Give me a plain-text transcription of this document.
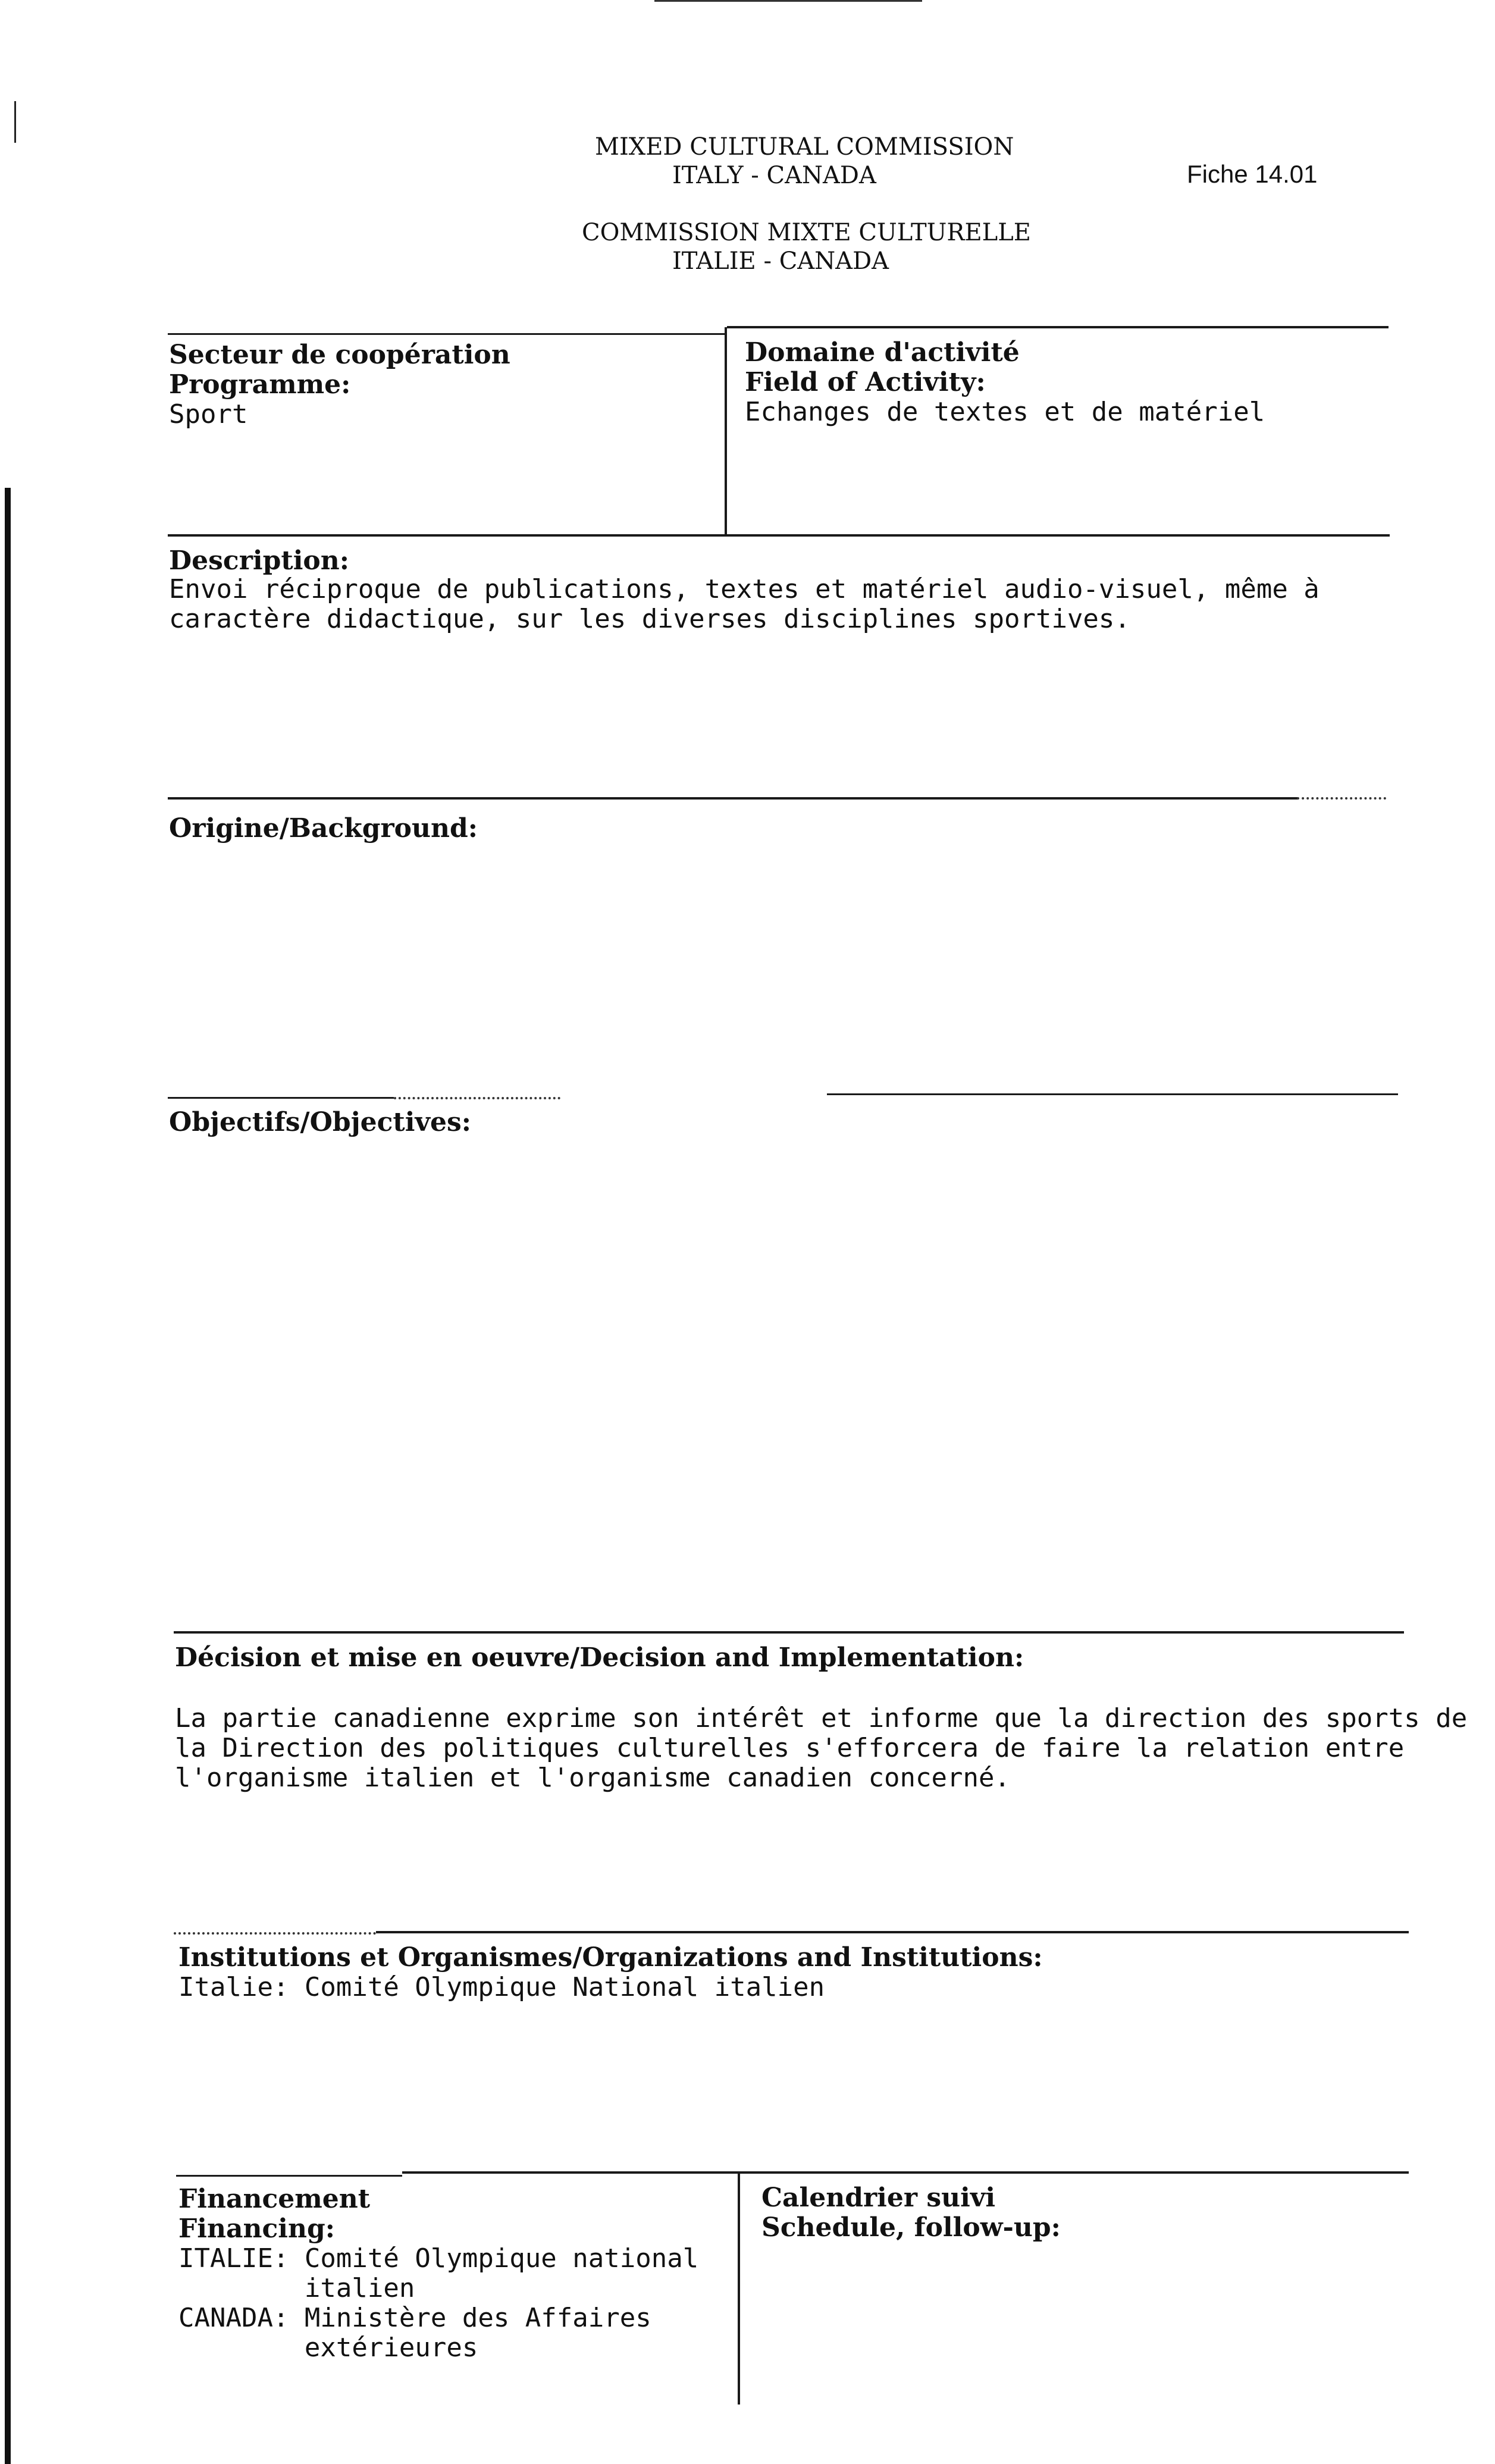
MIXED CULTURAL COMMISSION
ITALY - CANADA
COMMISSION MIXTE CULTURELLE
ITALIE - CANADA
Fiche 14.01
Secteur de coopération
Programme:
Sport
Domaine d'activité
Field of Activity:
Echanges de textes et de matériel
Description:
Envoi réciproque de publications, textes et matériel audio-visuel, même à
caractère didactique, sur les diverses disciplines sportives.
Origine/Background:
Objectifs/Objectives:
Décision et mise en oeuvre/Decision and Implementation:
La partie canadienne exprime son intérêt et informe que la direction des sports de
la Direction des politiques culturelles s'efforcera de faire la relation entre
l'organisme italien et l'organisme canadien concerné.
Institutions et Organismes/Organizations and Institutions:
Italie: Comité Olympique National italien
Financement
Financing:
ITALIE: Comité Olympique national
italien
CANADA: Ministère des Affaires
extérieures
Calendrier suivi
Schedule, follow-up:
